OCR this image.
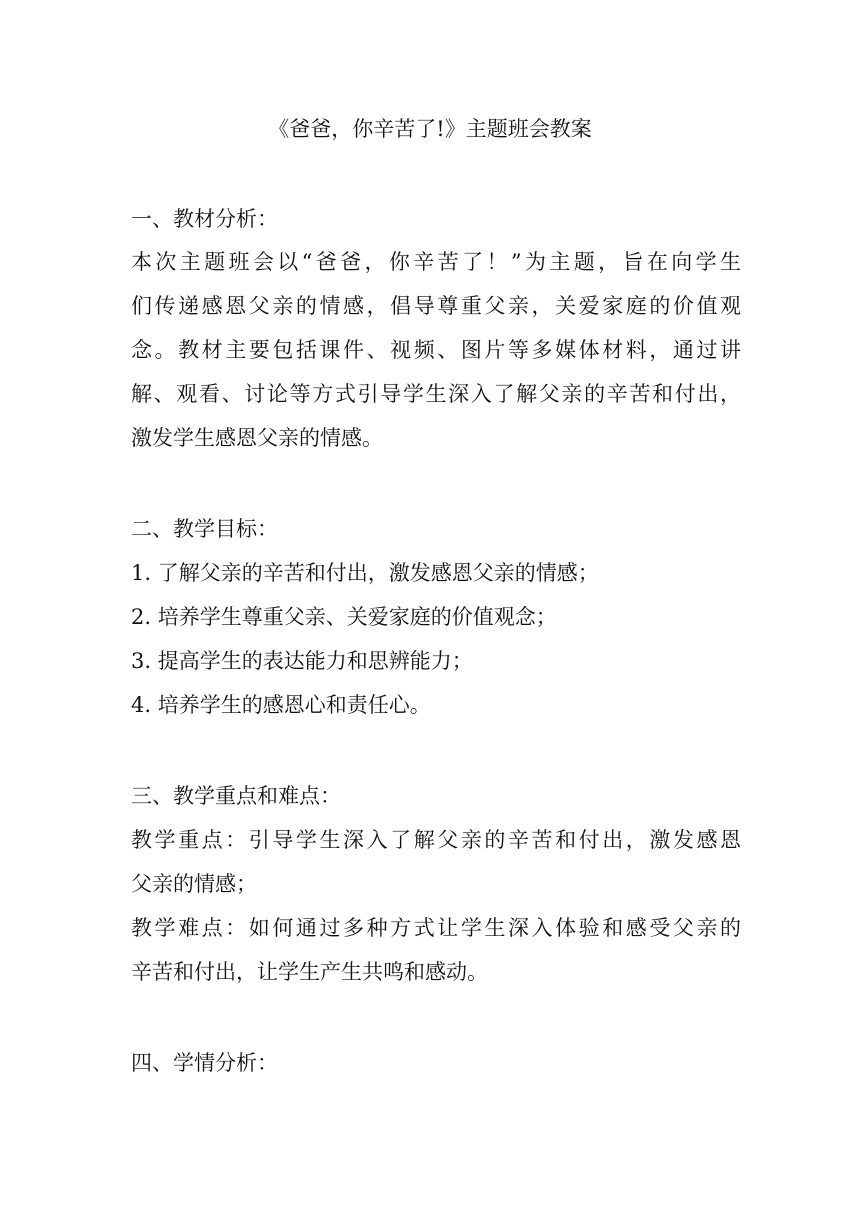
《爸爸，你辛苦了!》主题班会教案
一、教材分析：
本次主题班会以“爸爸，你辛苦了！”为主题，旨在向学生
们传递感恩父亲的情感，倡导尊重父亲，关爱家庭的价值观
念。教材主要包括课件、视频、图片等多媒体材料，通过讲
解、观看、讨论等方式引导学生深入了解父亲的辛苦和付出，
激发学生感恩父亲的情感。
二、教学目标：
1. 了解父亲的辛苦和付出，激发感恩父亲的情感；
2. 培养学生尊重父亲、关爱家庭的价值观念；
3. 提高学生的表达能力和思辨能力；
4. 培养学生的感恩心和责任心。
三、教学重点和难点：
教学重点：引导学生深入了解父亲的辛苦和付出，激发感恩
父亲的情感；
教学难点：如何通过多种方式让学生深入体验和感受父亲的
辛苦和付出，让学生产生共鸣和感动。
四、学情分析：
